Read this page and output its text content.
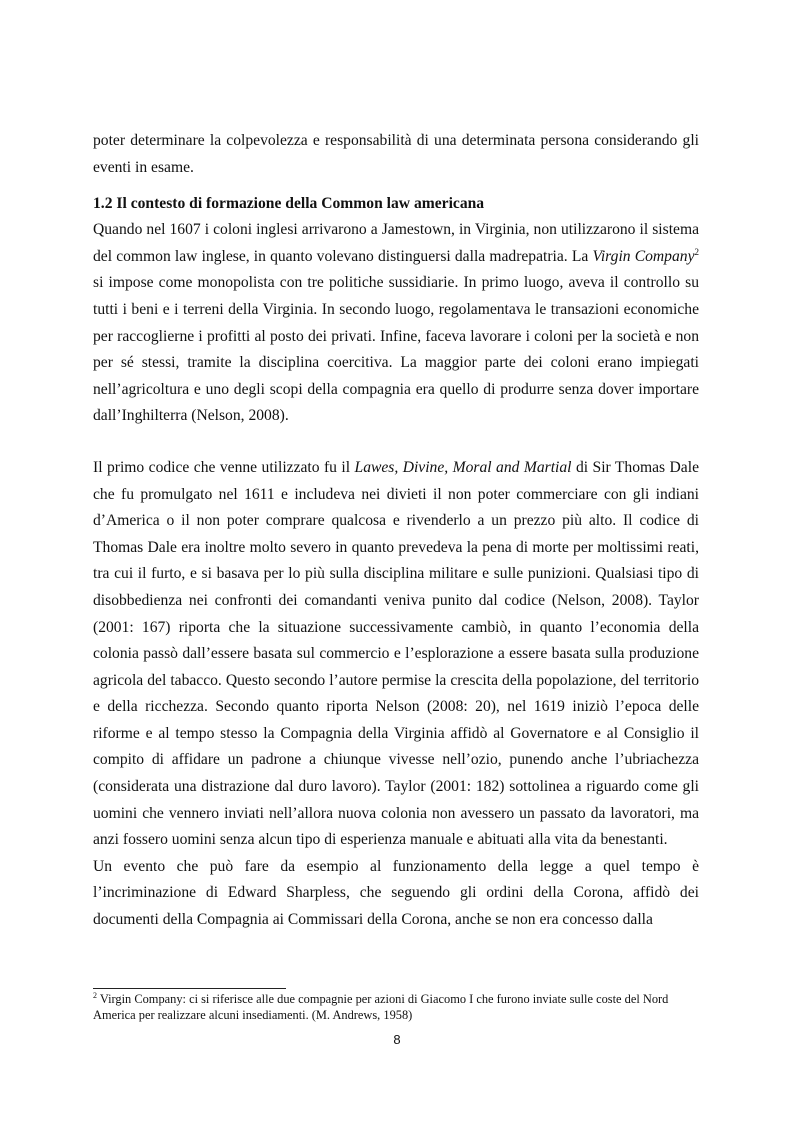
poter determinare la colpevolezza e responsabilità di una determinata persona considerando gli eventi in esame.

1.2 Il contesto di formazione della Common law americana

Quando nel 1607 i coloni inglesi arrivarono a Jamestown, in Virginia, non utilizzarono il sistema del common law inglese, in quanto volevano distinguersi dalla madrepatria. La Virgin Company$^2$ si impose come monopolista con tre politiche sussidiarie. In primo luogo, aveva il controllo su tutti i beni e i terreni della Virginia. In secondo luogo, regolamentava le transazioni economiche per raccoglierne i profitti al posto dei privati. Infine, faceva lavorare i coloni per la società e non per sé stessi, tramite la disciplina coercitiva. La maggior parte dei coloni erano impiegati nell’agricoltura e uno degli scopi della compagnia era quello di produrre senza dover importare dall’Inghilterra (Nelson, 2008).

Il primo codice che venne utilizzato fu il Lawes, Divine, Moral and Martial di Sir Thomas Dale che fu promulgato nel 1611 e includeva nei divieti il non poter commerciare con gli indiani d’America o il non poter comprare qualcosa e rivenderlo a un prezzo più alto. Il codice di Thomas Dale era inoltre molto severo in quanto prevedeva la pena di morte per moltissimi reati, tra cui il furto, e si basava per lo più sulla disciplina militare e sulle punizioni. Qualsiasi tipo di disobbedienza nei confronti dei comandanti veniva punito dal codice (Nelson, 2008). Taylor (2001: 167) riporta che la situazione successivamente cambiò, in quanto l’economia della colonia passò dall’essere basata sul commercio e l’esplorazione a essere basata sulla produzione agricola del tabacco. Questo secondo l’autore permise la crescita della popolazione, del territorio e della ricchezza. Secondo quanto riporta Nelson (2008: 20), nel 1619 iniziò l’epoca delle riforme e al tempo stesso la Compagnia della Virginia affidò al Governatore e al Consiglio il compito di affidare un padrone a chiunque vivesse nell’ozio, punendo anche l’ubriachezza (considerata una distrazione dal duro lavoro). Taylor (2001: 182) sottolinea a riguardo come gli uomini che vennero inviati nell’allora nuova colonia non avessero un passato da lavoratori, ma anzi fossero uomini senza alcun tipo di esperienza manuale e abituati alla vita da benestanti.

Un evento che può fare da esempio al funzionamento della legge a quel tempo è l’incriminazione di Edward Sharpless, che seguendo gli ordini della Corona, affidò dei documenti della Compagnia ai Commissari della Corona, anche se non era concesso dalla

$^2$ Virgin Company: ci si riferisce alle due compagnie per azioni di Giacomo I che furono inviate sulle coste del Nord America per realizzare alcuni insediamenti. (M. Andrews, 1958)
8
